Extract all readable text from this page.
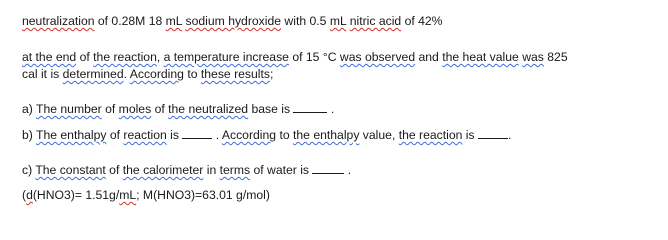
neutralization of 0.28M 18 mL sodium hydroxide with 0.5 mL nitric acid of 42%
at the end of the reaction, a temperature increase of 15 °C was observed and the heat value was 825
cal it is determined. According to these results;
a) The number of moles of the neutralized base is	.
b) The enthalpy of reaction is	. According to the enthalpy value, the reaction is .
c) The constant of the calorimeter in terms of water is	.
(d(HNO3)= 1.51g/mL; M(HNO3)=63.01 g/mol)
